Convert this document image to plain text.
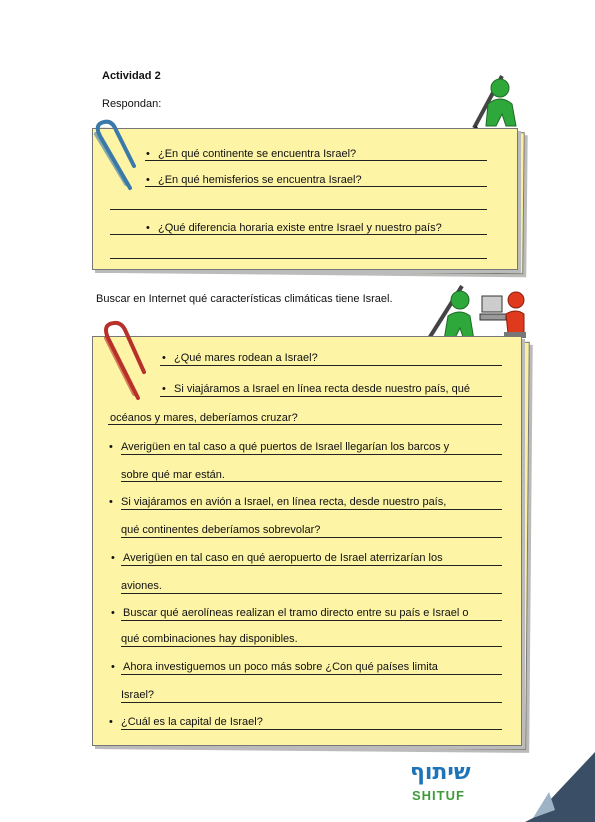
Actividad 2
Respondan:
• ¿En qué continente se encuentra Israel?
• ¿En qué hemisferios se encuentra Israel?
• ¿Qué diferencia horaria existe entre Israel y nuestro país?
Buscar en Internet qué características climáticas tiene Israel.
• ¿Qué mares rodean a Israel?
• Si viajáramos a Israel en línea recta desde nuestro país, qué
océanos y mares, deberíamos cruzar?
• Averigüen en tal caso a qué puertos de Israel llegarían los barcos y
sobre qué mar están.
• Si viajáramos en avión a Israel, en línea recta, desde nuestro país,
qué continentes deberíamos sobrevolar?
• Averigüen en tal caso en qué aeropuerto de Israel aterrizarían los
aviones.
• Buscar qué aerolíneas realizan el tramo directo entre su país e Israel o
qué combinaciones hay disponibles.
• Ahora investiguemos un poco más sobre ¿Con qué países limita
Israel?
• ¿Cuál es la capital de Israel?
שיתוף
SHITUF
4
